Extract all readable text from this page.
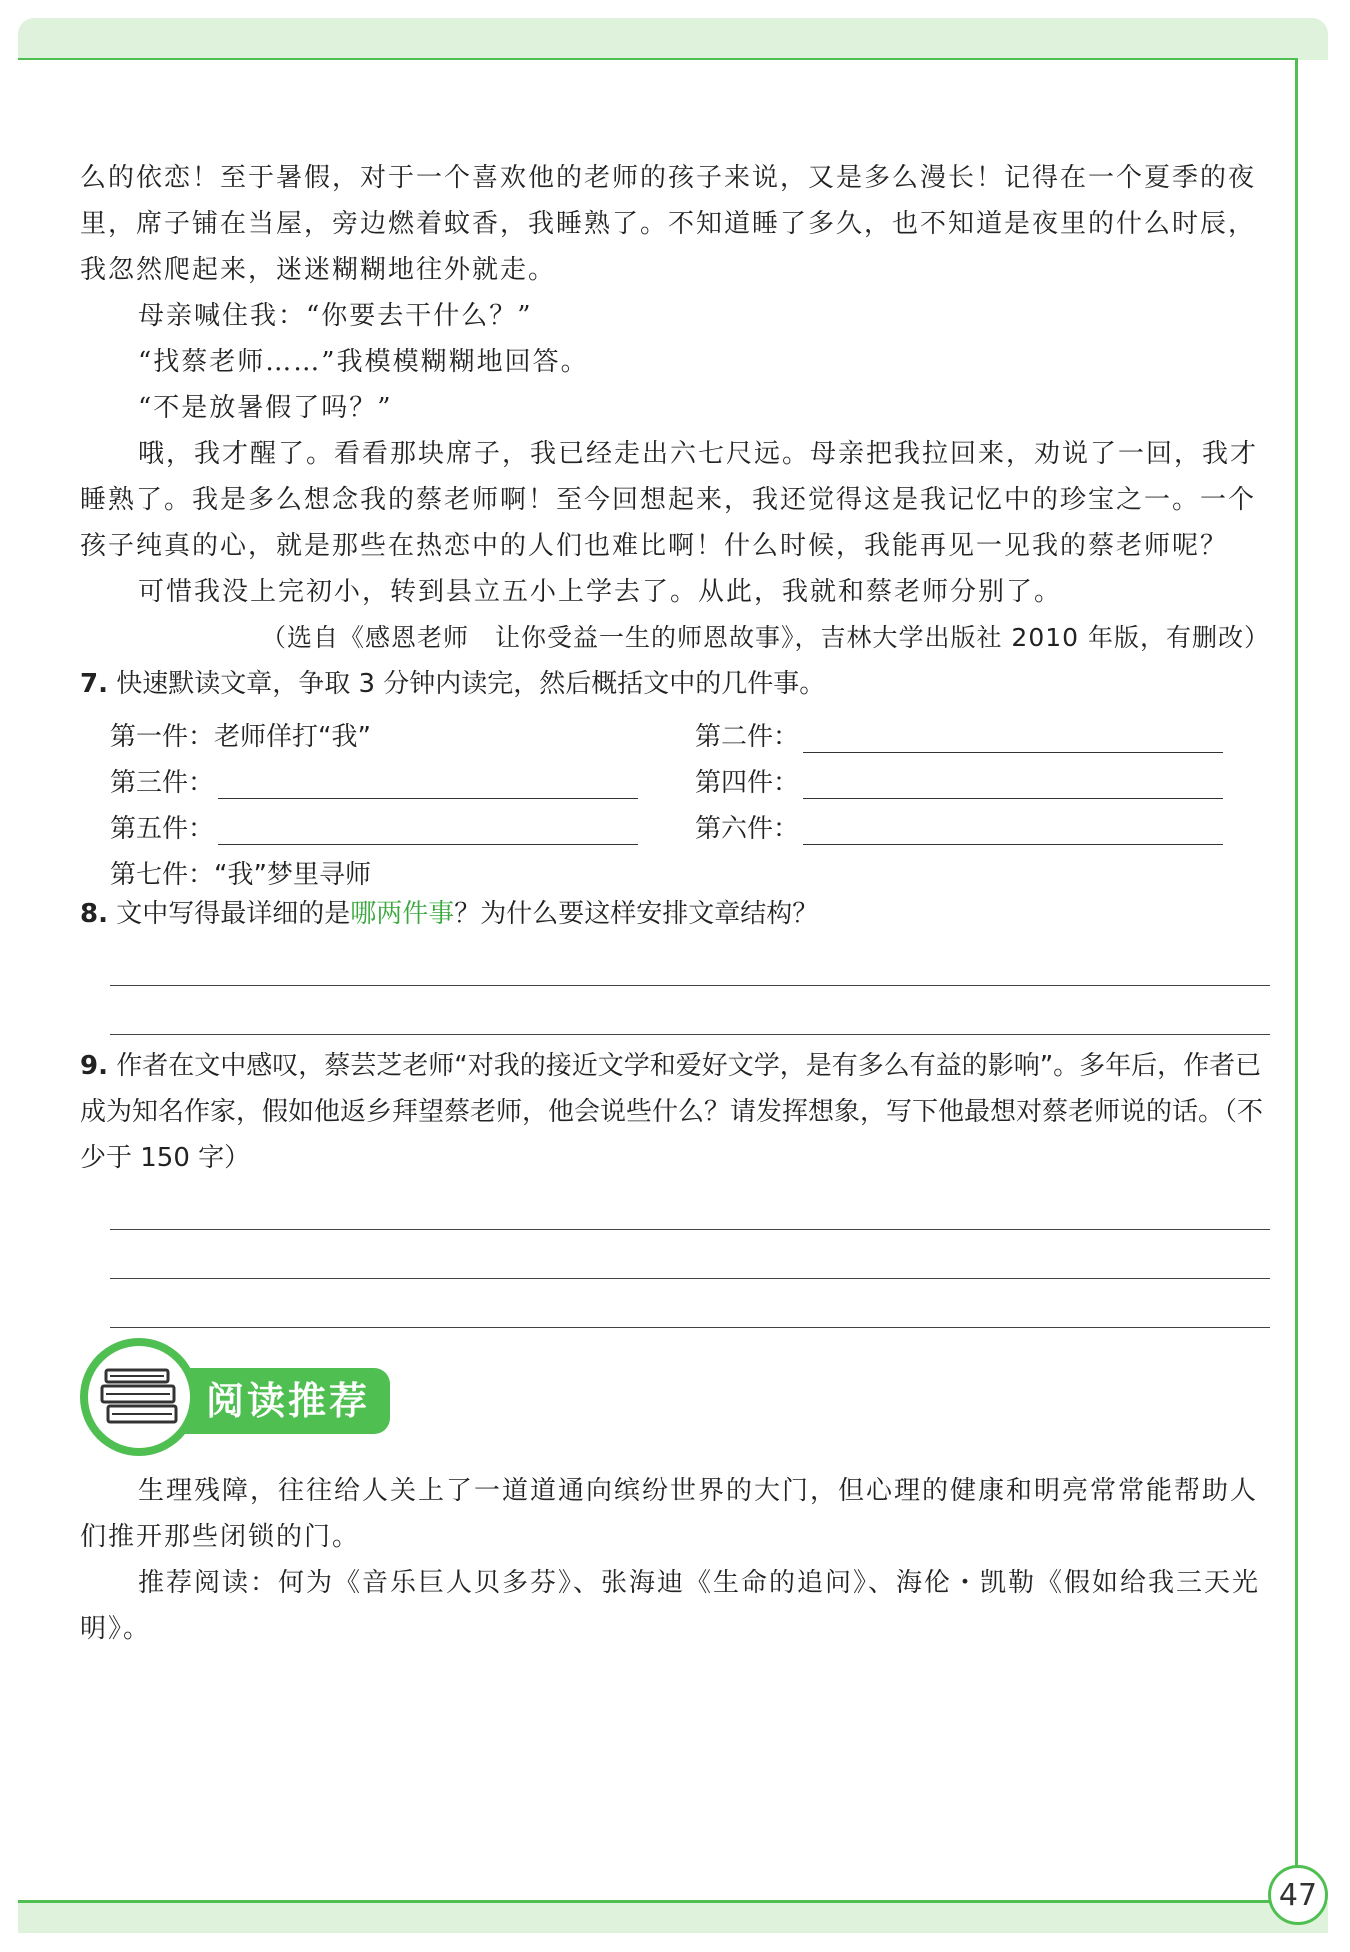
47

么的依恋！至于暑假，对于一个喜欢他的老师的孩子来说，又是多么漫长！记得在一个夏季的夜里，席子铺在当屋，旁边燃着蚊香，我睡熟了。不知道睡了多久，也不知道是夜里的什么时辰，我忽然爬起来，迷迷糊糊地往外就走。

母亲喊住我：“你要去干什么？”

“找蔡老师……”我模模糊糊地回答。

“不是放暑假了吗？”

哦，我才醒了。看看那块席子，我已经走出六七尺远。母亲把我拉回来，劝说了一回，我才睡熟了。我是多么想念我的蔡老师啊！至今回想起来，我还觉得这是我记忆中的珍宝之一。一个孩子纯真的心，就是那些在热恋中的人们也难比啊！什么时候，我能再见一见我的蔡老师呢？

可惜我没上完初小，转到县立五小上学去了。从此，我就和蔡老师分别了。

（选自《感恩老师　让你受益一生的师恩故事》，吉林大学出版社 2010 年版，有删改）

7. 快速默读文章，争取 3 分钟内读完，然后概括文中的几件事。

第一件： 老师佯打“我”	第二件：
第三件：	第四件：
第五件：	第六件：
第七件： “我”梦里寻师

8. 文中写得最详细的是哪两件事？为什么要这样安排文章结构？

9. 作者在文中感叹，蔡芸芝老师“对我的接近文学和爱好文学，是有多么有益的影响”。多年后，作者已成为知名作家，假如他返乡拜望蔡老师，他会说些什么？请发挥想象，写下他最想对蔡老师说的话。（不少于 150 字）

阅读推荐

生理残障，往往给人关上了一道道通向缤纷世界的大门，但心理的健康和明亮常常能帮助人们推开那些闭锁的门。

推荐阅读：何为《音乐巨人贝多芬》、张海迪《生命的追问》、海伦・凯勒《假如给我三天光明》。
